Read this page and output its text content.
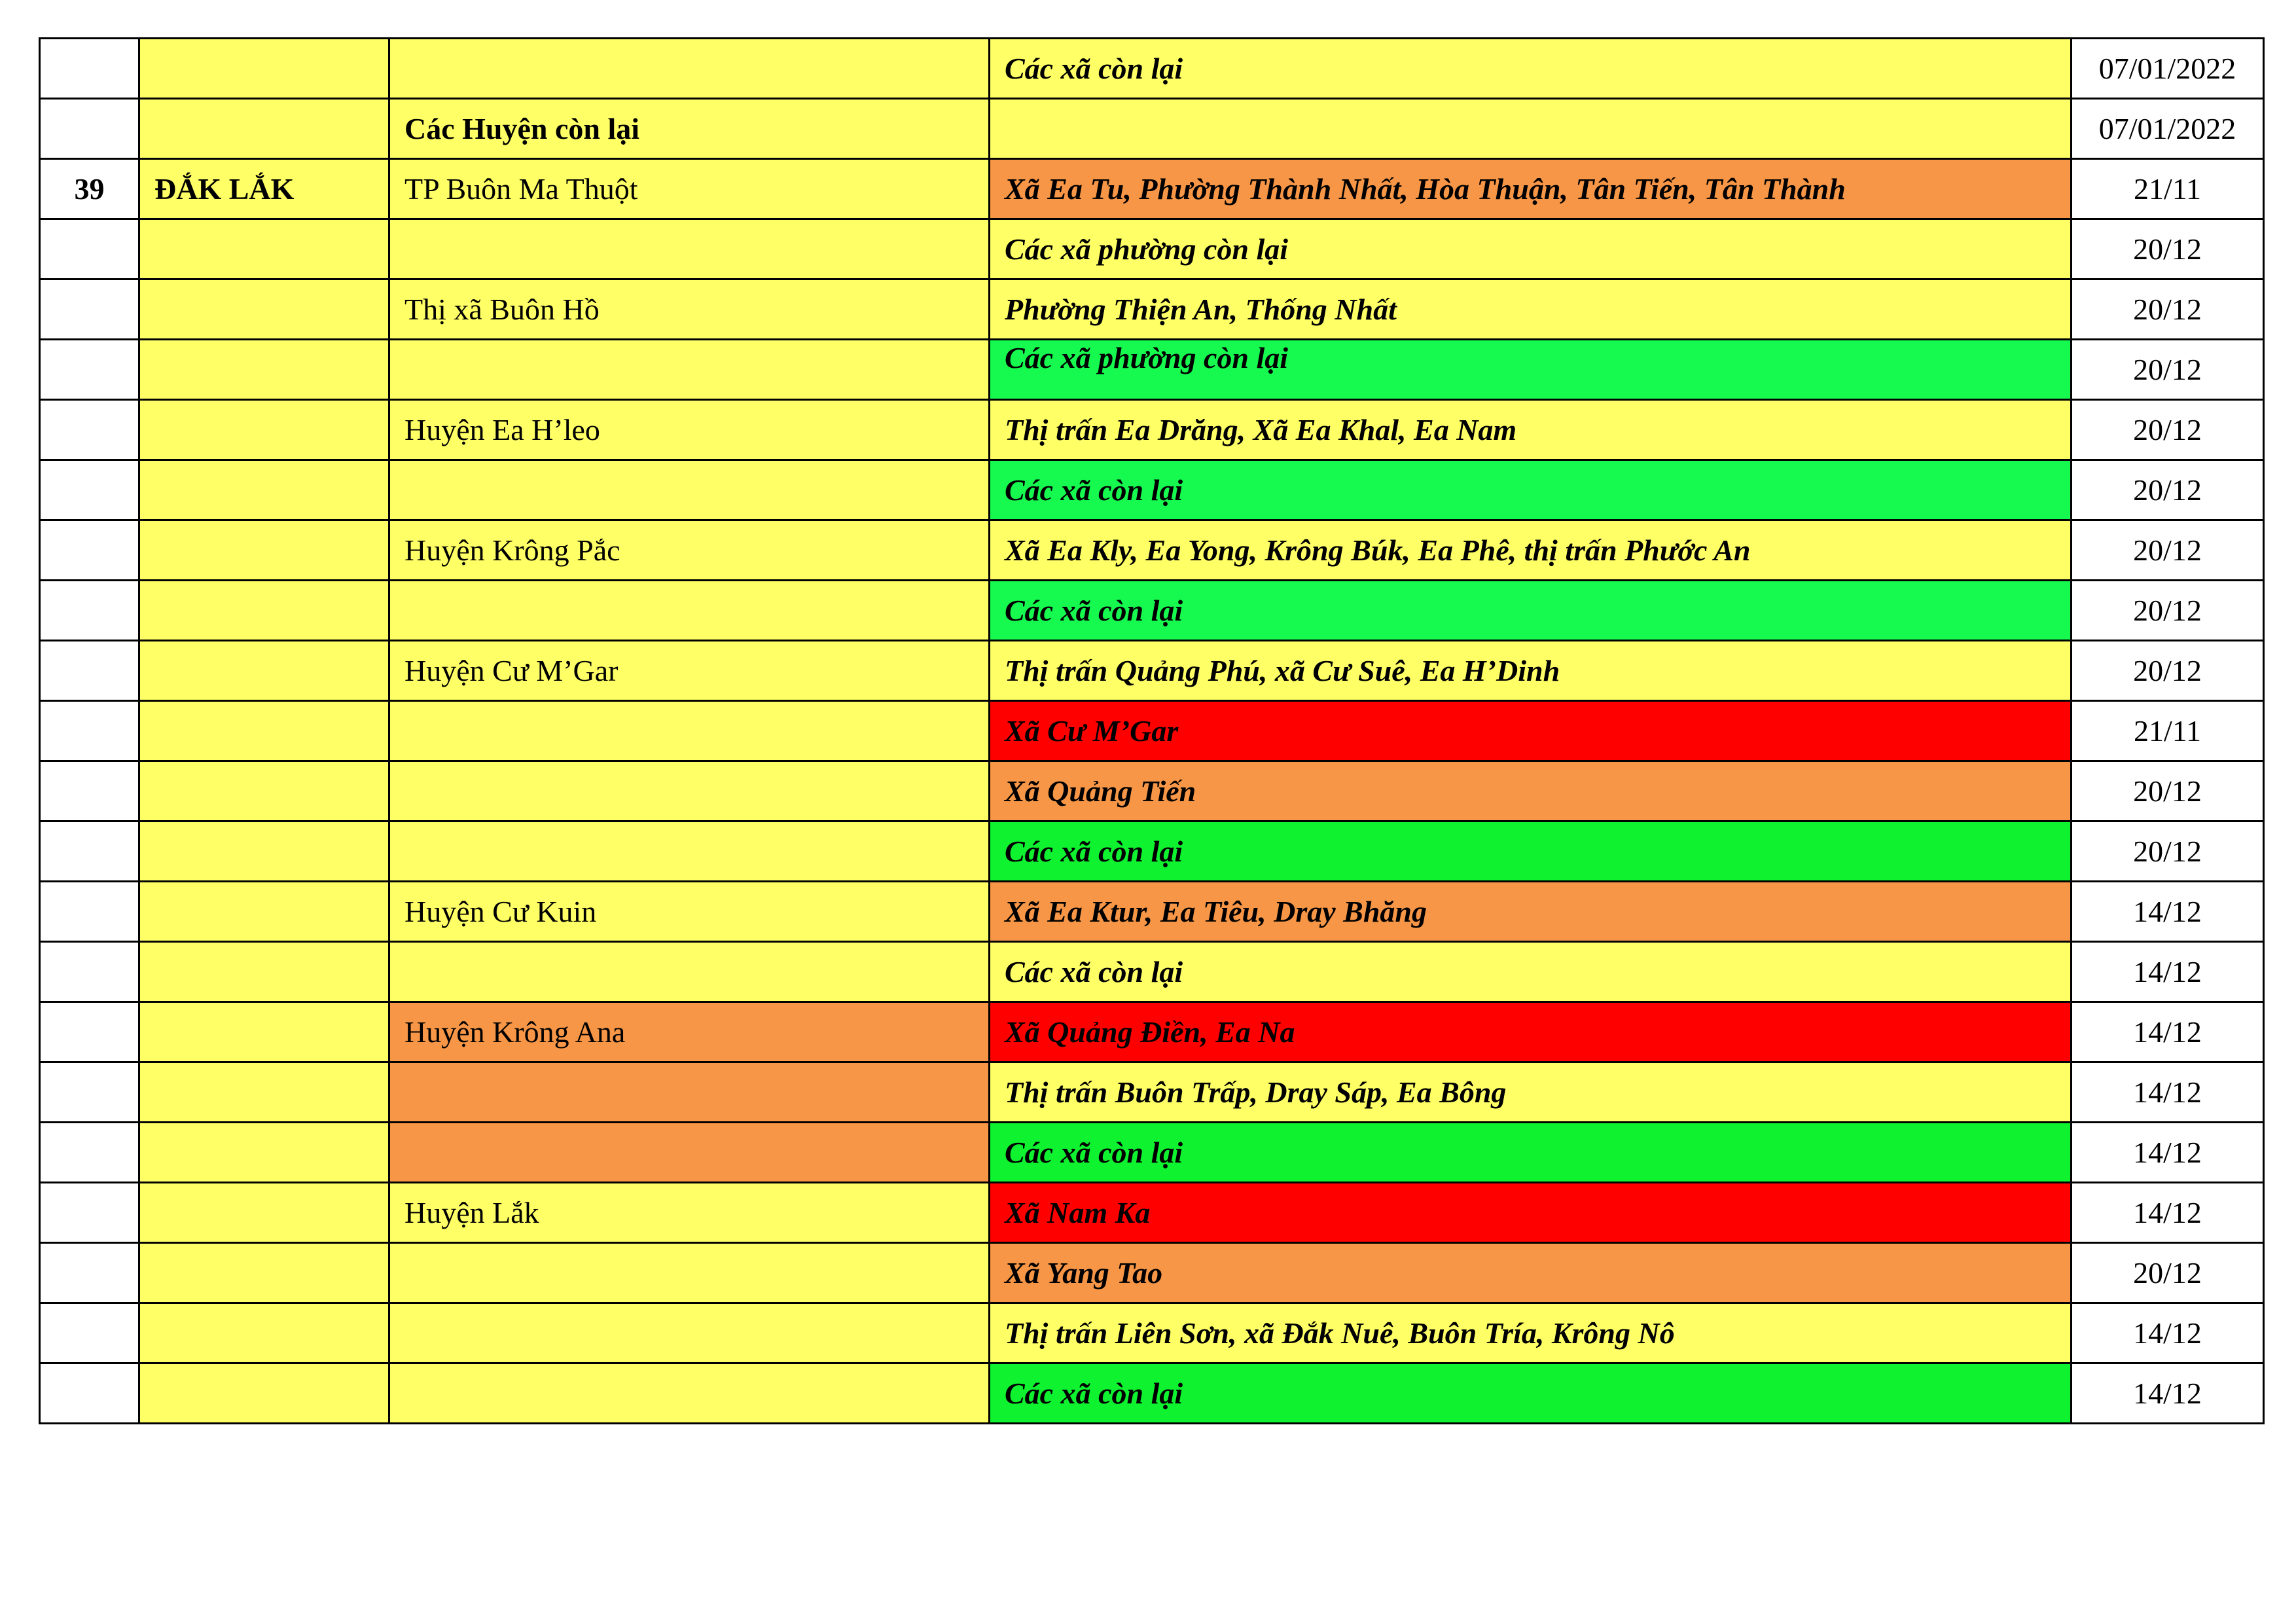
			Các xã còn lại	07/01/2022
		Các Huyện còn lại		07/01/2022
39	ĐẮK LẮK	TP Buôn Ma Thuột	Xã Ea Tu, Phường Thành Nhất, Hòa Thuận, Tân Tiến, Tân Thành	21/11
			Các xã phường còn lại	20/12
		Thị xã Buôn Hồ	Phường Thiện An, Thống Nhất	20/12
			Các xã phường còn lại	20/12
		Huyện Ea H’leo	Thị trấn Ea Drăng, Xã Ea Khal, Ea Nam	20/12
			Các xã còn lại	20/12
		Huyện Krông Pắc	Xã Ea Kly, Ea Yong, Krông Búk, Ea Phê, thị trấn Phước An	20/12
			Các xã còn lại	20/12
		Huyện Cư M’Gar	Thị trấn Quảng Phú, xã Cư Suê, Ea H’Dinh	20/12
			Xã Cư M’Gar	21/11
			Xã Quảng Tiến	20/12
			Các xã còn lại	20/12
		Huyện Cư Kuin	Xã Ea Ktur, Ea Tiêu, Dray Bhăng	14/12
			Các xã còn lại	14/12
		Huyện Krông Ana	Xã Quảng Điền, Ea Na	14/12
			Thị trấn Buôn Trấp, Dray Sáp, Ea Bông	14/12
			Các xã còn lại	14/12
		Huyện Lắk	Xã Nam Ka	14/12
			Xã Yang Tao	20/12
			Thị trấn Liên Sơn, xã Đắk Nuê, Buôn Tría, Krông Nô	14/12
			Các xã còn lại	14/12
